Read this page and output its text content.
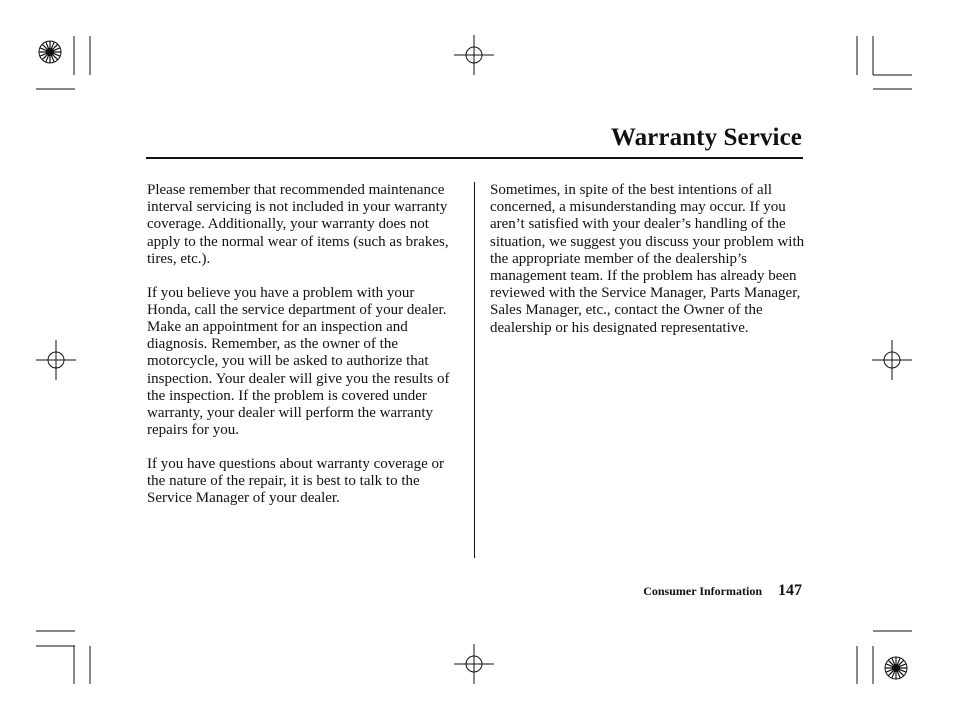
Warranty Service

Please remember that recommended maintenance interval servicing is not included in your warranty coverage. Additionally, your warranty does not apply to the normal wear of items (such as brakes, tires, etc.).

If you believe you have a problem with your Honda, call the service department of your dealer. Make an appointment for an inspection and diagnosis. Remember, as the owner of the motorcycle, you will be asked to authorize that inspection. Your dealer will give you the results of the inspection. If the problem is covered under warranty, your dealer will perform the warranty repairs for you.

If you have questions about warranty coverage or the nature of the repair, it is best to talk to the Service Manager of your dealer.

Sometimes, in spite of the best intentions of all concerned, a misunderstanding may occur. If you aren’t satisfied with your dealer’s handling of the situation, we suggest you discuss your problem with the appropriate member of the dealership’s management team. If the problem has already been reviewed with the Service Manager, Parts Manager, Sales Manager, etc., contact the Owner of the dealership or his designated representative.

Consumer Information 147
